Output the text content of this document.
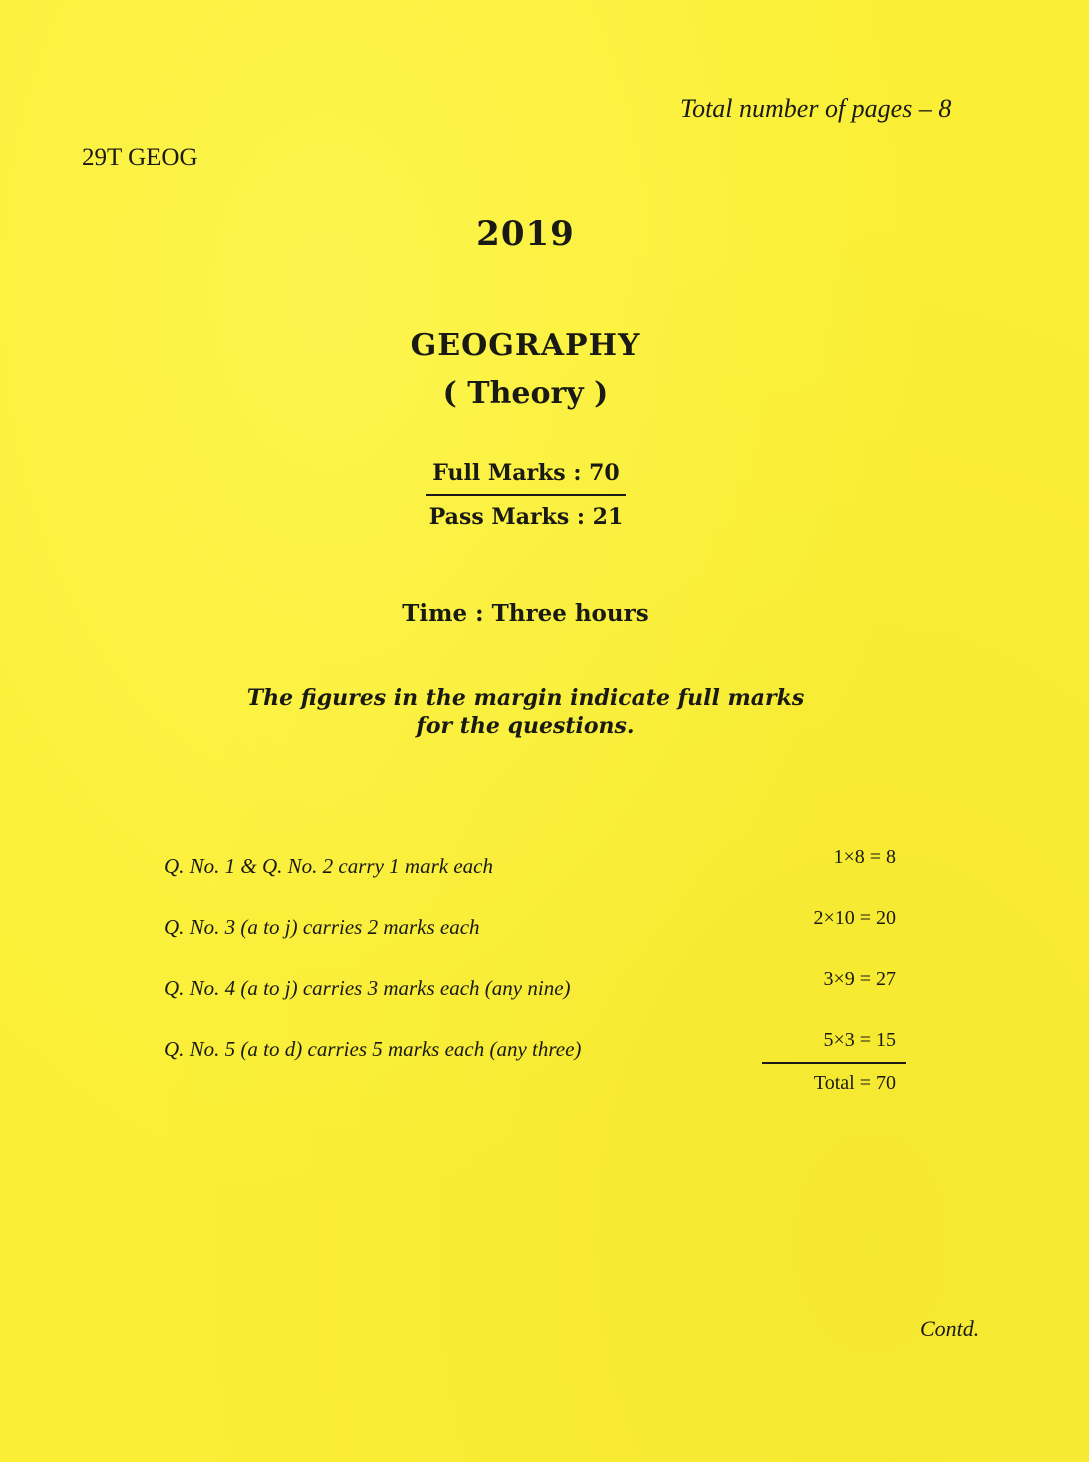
Total number of pages – 8
29T GEOG
2019
GEOGRAPHY
( Theory )
Full Marks : 70
Pass Marks : 21
Time : Three hours
The figures in the margin indicate full marks
for the questions.
Q. No. 1 & Q. No. 2 carry 1 mark each	1×8 = 8
Q. No. 3 (a to j) carries 2 marks each	2×10 = 20
Q. No. 4 (a to j) carries 3 marks each (any nine)	3×9 = 27
Q. No. 5 (a to d) carries 5 marks each (any three)	5×3 = 15
Total = 70
Contd.
